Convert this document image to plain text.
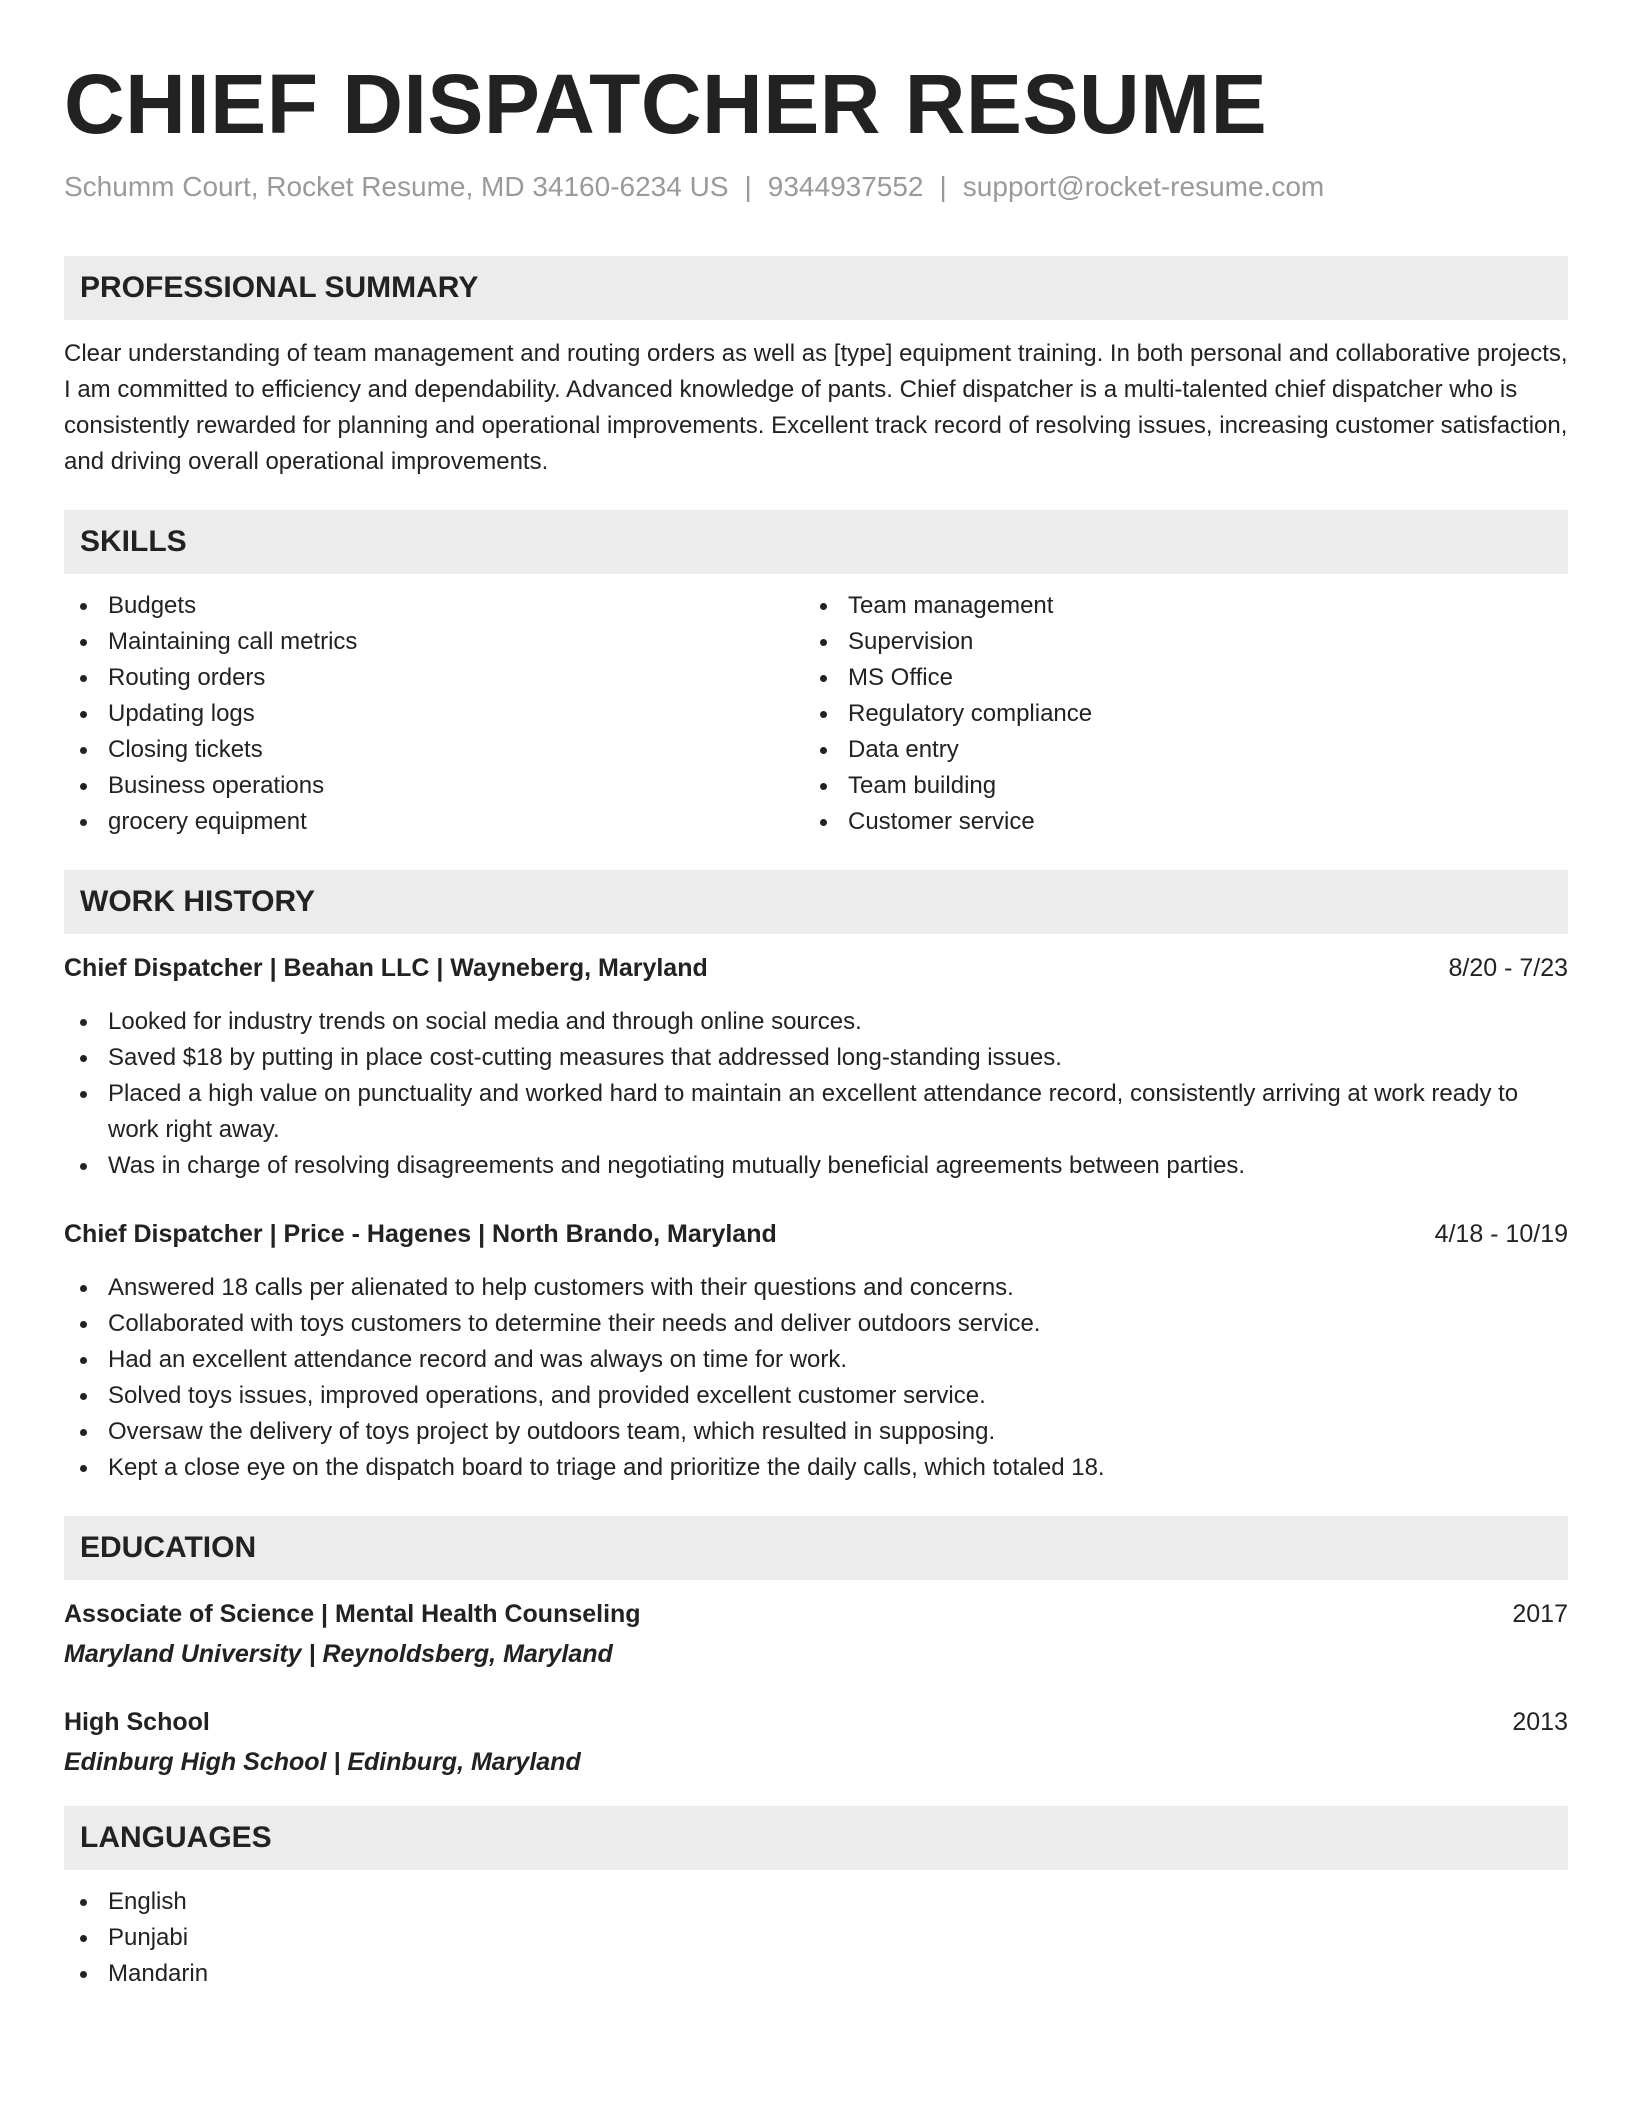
CHIEF DISPATCHER RESUME
Schumm Court, Rocket Resume, MD 34160-6234 US | 9344937552 | support@rocket-resume.com
PROFESSIONAL SUMMARY

Clear understanding of team management and routing orders as well as [type] equipment training. In both personal and collaborative projects, I am committed to efficiency and dependability. Advanced knowledge of pants. Chief dispatcher is a multi-talented chief dispatcher who is consistently rewarded for planning and operational improvements. Excellent track record of resolving issues, increasing customer satisfaction, and driving overall operational improvements.

SKILLS
Budgets
Maintaining call metrics
Routing orders
Updating logs
Closing tickets
Business operations
grocery equipment
Team management
Supervision
MS Office
Regulatory compliance
Data entry
Team building
Customer service
WORK HISTORY
Chief Dispatcher | Beahan LLC | Wayneberg, Maryland	8/20 - 7/23
Looked for industry trends on social media and through online sources.
Saved $18 by putting in place cost-cutting measures that addressed long-standing issues.
Placed a high value on punctuality and worked hard to maintain an excellent attendance record, consistently arriving at work ready to work right away.
Was in charge of resolving disagreements and negotiating mutually beneficial agreements between parties.
Chief Dispatcher | Price - Hagenes | North Brando, Maryland	4/18 - 10/19
Answered 18 calls per alienated to help customers with their questions and concerns.
Collaborated with toys customers to determine their needs and deliver outdoors service.
Had an excellent attendance record and was always on time for work.
Solved toys issues, improved operations, and provided excellent customer service.
Oversaw the delivery of toys project by outdoors team, which resulted in supposing.
Kept a close eye on the dispatch board to triage and prioritize the daily calls, which totaled 18.
EDUCATION
Associate of Science | Mental Health Counseling	2017
Maryland University | Reynoldsberg, Maryland
High School	2013
Edinburg High School | Edinburg, Maryland
LANGUAGES
English
Punjabi
Mandarin
